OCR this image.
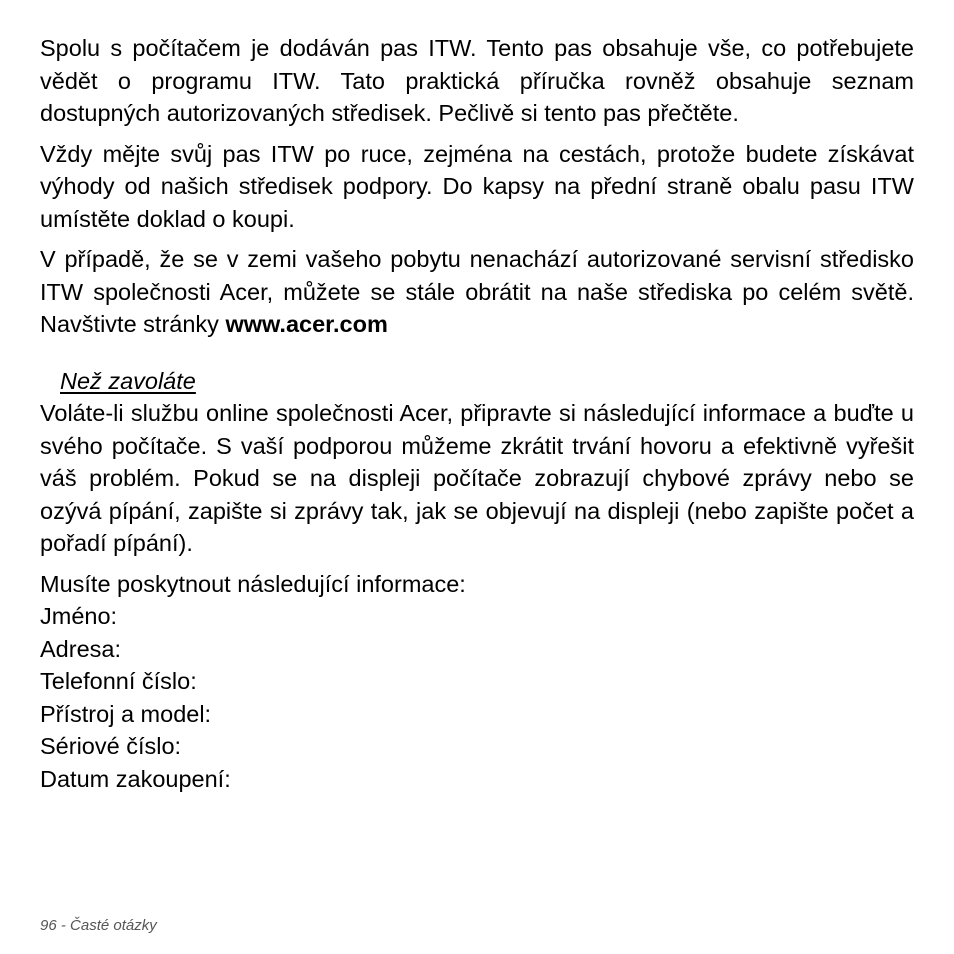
Spolu s počítačem je dodáván pas ITW. Tento pas obsahuje vše, co potřebujete vědět o programu ITW. Tato praktická příručka rovněž obsahuje seznam dostupných autorizovaných středisek. Pečlivě si tento pas přečtěte.

Vždy mějte svůj pas ITW po ruce, zejména na cestách, protože budete získávat výhody od našich středisek podpory. Do kapsy na přední straně obalu pasu ITW umístěte doklad o koupi.

V případě, že se v zemi vašeho pobytu nenachází autorizované servisní středisko ITW společnosti Acer, můžete se stále obrátit na naše střediska po celém světě. Navštivte stránky www.acer.com

Než zavoláte

Voláte-li službu online společnosti Acer, připravte si následující informace a buďte u svého počítače. S vaší podporou můžeme zkrátit trvání hovoru a efektivně vyřešit váš problém. Pokud se na displeji počítače zobrazují chybové zprávy nebo se ozývá pípání, zapište si zprávy tak, jak se objevují na displeji (nebo zapište počet a pořadí pípání).

Musíte poskytnout následující informace:
Jméno:
Adresa:
Telefonní číslo:
Přístroj a model:
Sériové číslo:
Datum zakoupení:
96 - Časté otázky
